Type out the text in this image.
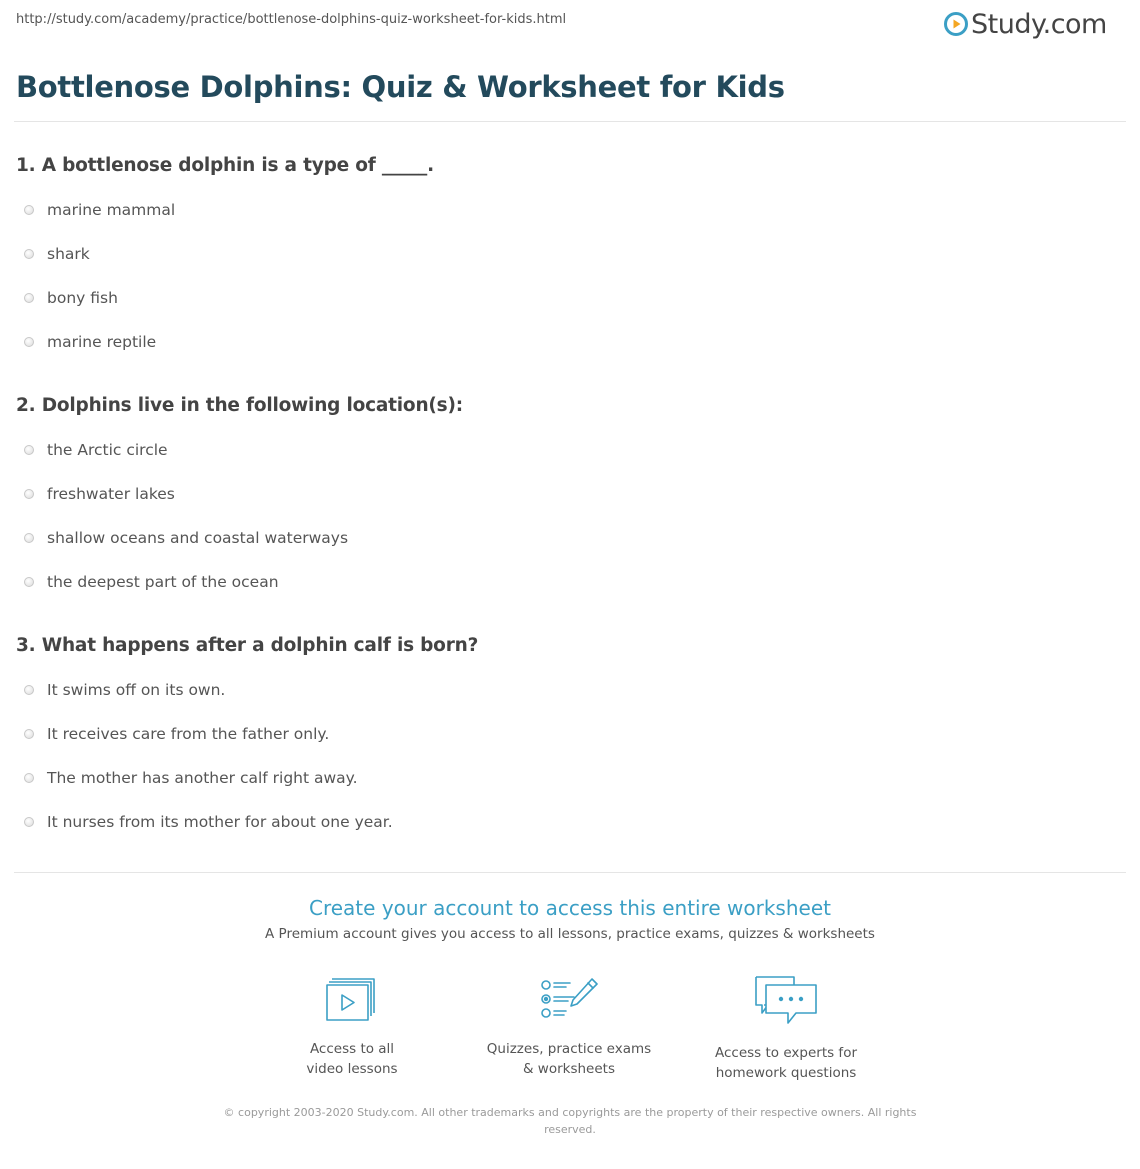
http://study.com/academy/practice/bottlenose-dolphins-quiz-worksheet-for-kids.html	Study.com
Bottlenose Dolphins: Quiz & Worksheet for Kids
1. A bottlenose dolphin is a type of _____.
marine mammal
shark
bony fish
marine reptile
2. Dolphins live in the following location(s):
the Arctic circle
freshwater lakes
shallow oceans and coastal waterways
the deepest part of the ocean
3. What happens after a dolphin calf is born?
It swims off on its own.
It receives care from the father only.
The mother has another calf right away.
It nurses from its mother for about one year.
Create your account to access this entire worksheet
A Premium account gives you access to all lessons, practice exams, quizzes & worksheets
Access to all
video lessons
Quizzes, practice exams
& worksheets
Access to experts for
homework questions
© copyright 2003-2020 Study.com. All other trademarks and copyrights are the property of their respective owners. All rights
reserved.
